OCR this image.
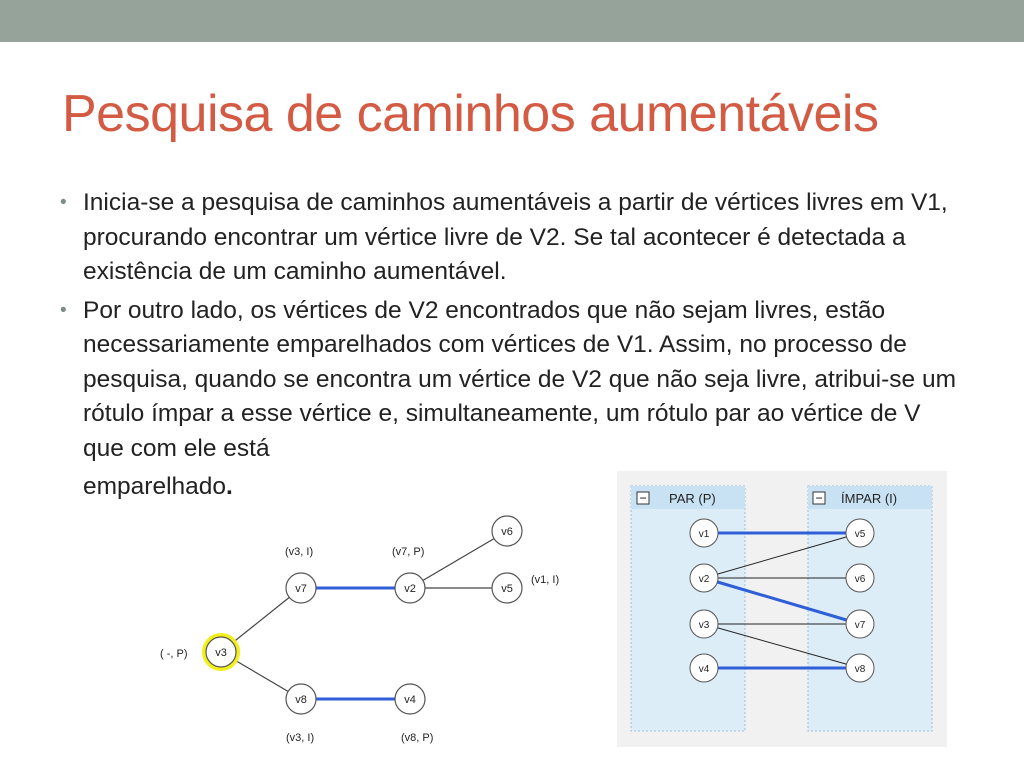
Pesquisa de caminhos aumentáveis
• Inicia-se a pesquisa de caminhos aumentáveis a partir de vértices livres em V1, procurando encontrar um vértice livre de V2. Se tal acontecer é detectada a existência de um caminho aumentável.
• Por outro lado, os vértices de V2 encontrados que não sejam livres, estão necessariamente emparelhados com vértices de V1. Assim, no processo de pesquisa, quando se encontra um vértice de V2 que não seja livre, atribui-se um rótulo ímpar a esse vértice e, simultaneamente, um rótulo par ao vértice de V que com ele está
emparelhado.
v3
( -, P)
v7
(v3, I)
v2
(v7, P)
v6
v5
(v1, I)
v8
(v3, I)
v4
(v8, P)
−	−
PAR (P)	ÍMPAR (I)
v1
v2
v3
v4
v5
v6
v7
v8
